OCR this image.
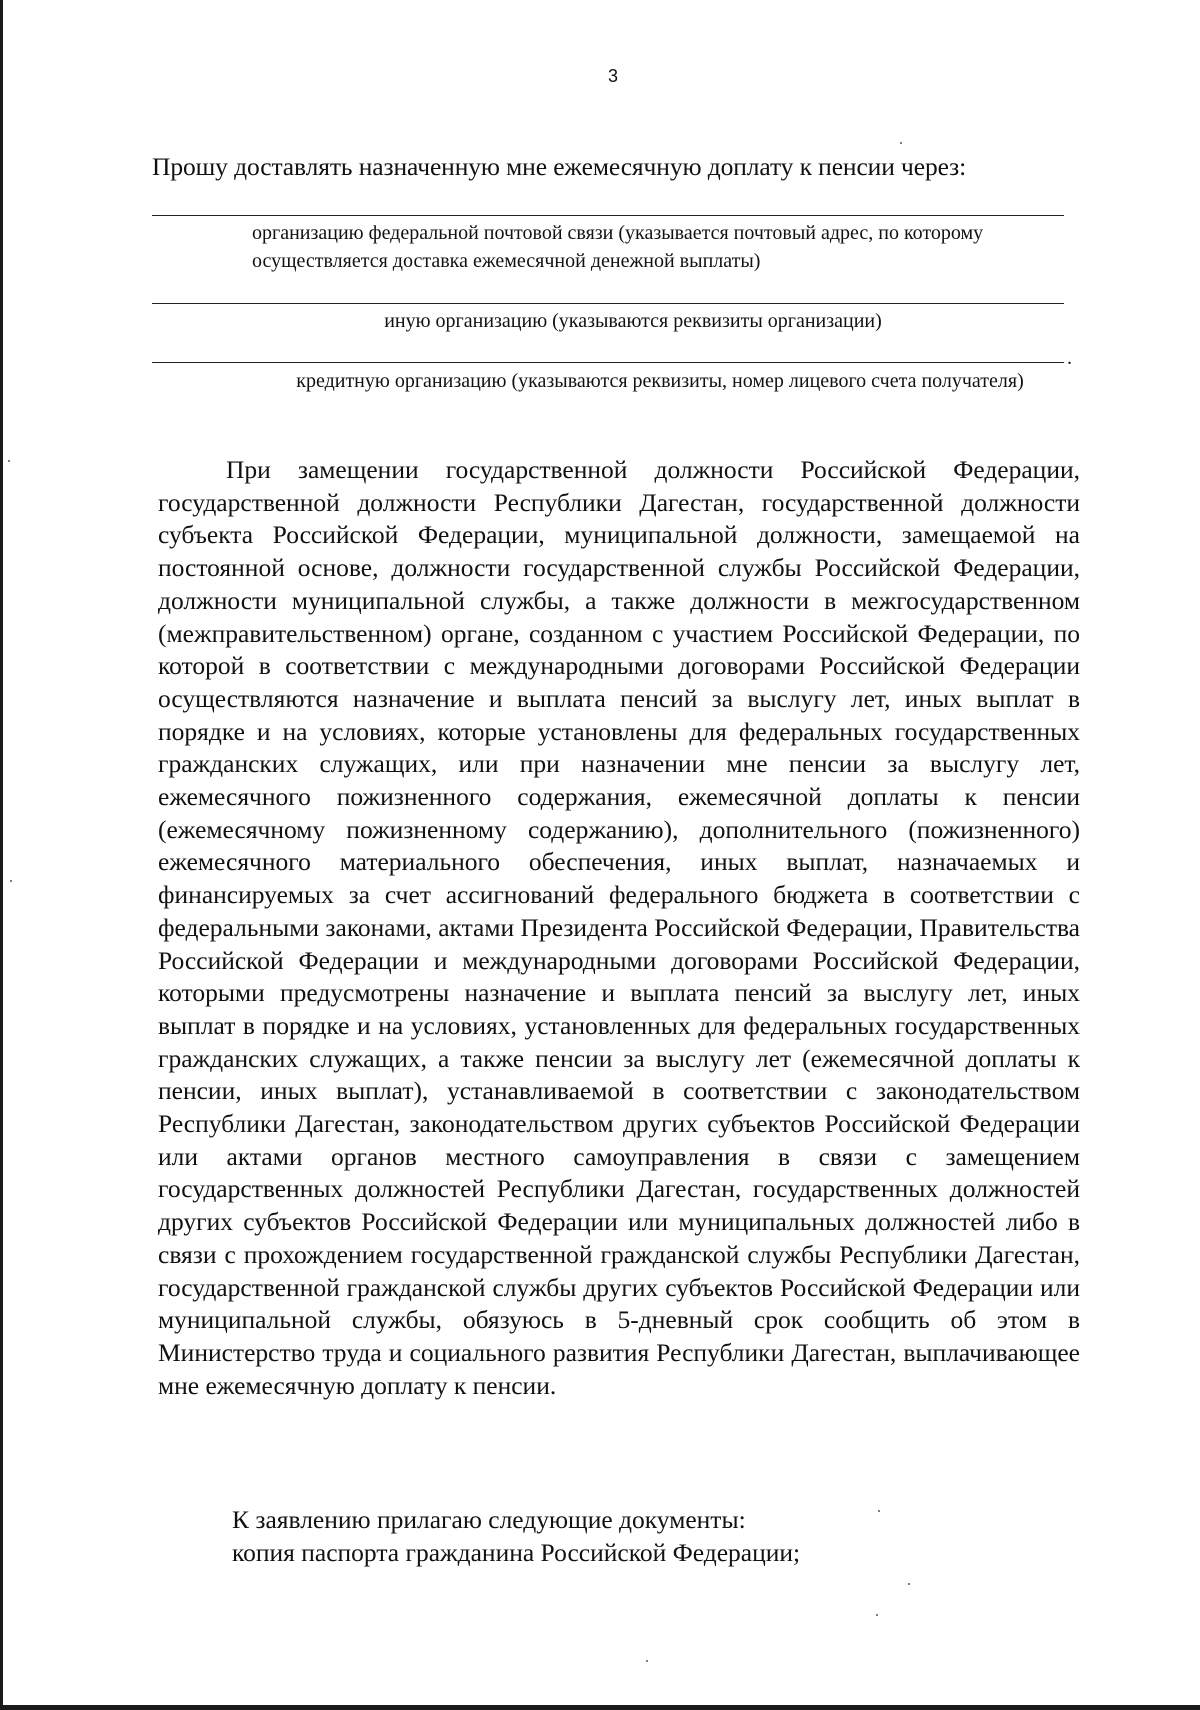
3
Прошу доставлять назначенную мне ежемесячную доплату к пенсии через:
организацию федеральной почтовой связи (указывается почтовый адрес, по которому осуществляется доставка ежемесячной денежной выплаты)
иную организацию (указываются реквизиты организации)
.
кредитную организацию (указываются реквизиты, номер лицевого счета получателя)
При замещении государственной должности Российской Федерации, государственной должности Республики Дагестан, государственной должности субъекта Российской Федерации, муниципальной должности, замещаемой на постоянной основе, должности государственной службы Российской Федерации, должности муниципальной службы, а также должности в межгосударственном (межправительственном) органе, созданном с участием Российской Федерации, по которой в соответствии с международными договорами Российской Федерации осуществляются назначение и выплата пенсий за выслугу лет, иных выплат в порядке и на условиях, которые установлены для федеральных государственных гражданских служащих, или при назначении мне пенсии за выслугу лет, ежемесячного пожизненного содержания, ежемесячной доплаты к пенсии (ежемесячному пожизненному содержанию), дополнительного (пожизненного) ежемесячного материального обеспечения, иных выплат, назначаемых и финансируемых за счет ассигнований федерального бюджета в соответствии с федеральными законами, актами Президента Российской Федерации, Правительства Российской Федерации и международными договорами Российской Федерации, которыми предусмотрены назначение и выплата пенсий за выслугу лет, иных выплат в порядке и на условиях, установленных для федеральных государственных гражданских служащих, а также пенсии за выслугу лет (ежемесячной доплаты к пенсии, иных выплат), устанавливаемой в соответствии с законодательством Республики Дагестан, законодательством других субъектов Российской Федерации или актами органов местного самоуправления в связи с замещением государственных должностей Республики Дагестан, государственных должностей других субъектов Российской Федерации или муниципальных должностей либо в связи с прохождением государственной гражданской службы Республики Дагестан, государственной гражданской службы других субъектов Российской Федерации или муниципальной службы, обязуюсь в 5-дневный срок сообщить об этом в Министерство труда и социального развития Республики Дагестан, выплачивающее мне ежемесячную доплату к пенсии.
К заявлению прилагаю следующие документы:
копия паспорта гражданина Российской Федерации;
